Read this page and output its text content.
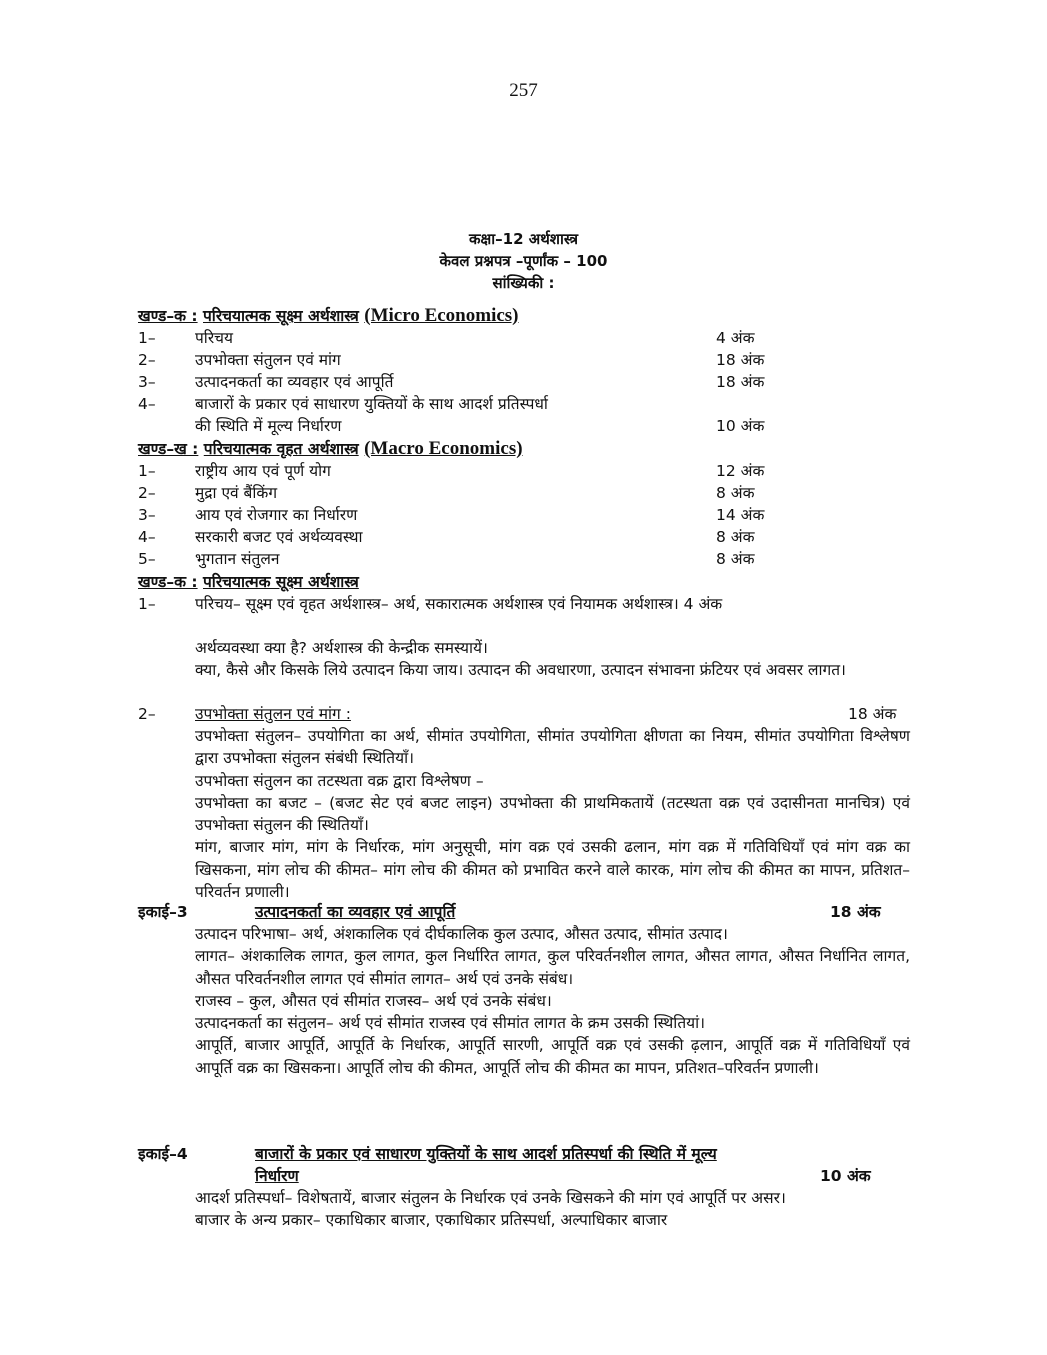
257
कक्षा–12 अर्थशास्त्र
केवल प्रश्नपत्र –पूर्णांक – 100
सांख्यिकी :
खण्ड–क : परिचयात्मक सूक्ष्म अर्थशास्त्र (Micro Economics)
1–	परिचय	4 अंक
2–	उपभोक्ता संतुलन एवं मांग	18 अंक
3–	उत्पादनकर्ता का व्यवहार एवं आपूर्ति	18 अंक
4–	बाजारों के प्रकार एवं साधारण युक्तियों के साथ आदर्श प्रतिस्पर्धा
की स्थिति में मूल्य निर्धारण	10 अंक
खण्ड–ख : परिचयात्मक वृहत अर्थशास्त्र (Macro Economics)
1–	राष्ट्रीय आय एवं पूर्ण योग	12 अंक
2–	मुद्रा एवं बैंकिंग	8 अंक
3–	आय एवं रोजगार का निर्धारण	14 अंक
4–	सरकारी बजट एवं अर्थव्यवस्था	8 अंक
5–	भुगतान संतुलन	8 अंक
खण्ड–क : परिचयात्मक सूक्ष्म अर्थशास्त्र
1–	परिचय– सूक्ष्म एवं वृहत अर्थशास्त्र– अर्थ, सकारात्मक अर्थशास्त्र एवं नियामक अर्थशास्त्र। 4 अंक

अर्थव्यवस्था क्या है? अर्थशास्त्र की केन्द्रीक समस्यायें।

क्या, कैसे और किसके लिये उत्पादन किया जाय। उत्पादन की अवधारणा, उत्पादन संभावना फ्रंटियर एवं अवसर लागत।

2–	उपभोक्ता संतुलन एवं मांग :	18 अंक

उपभोक्ता संतुलन– उपयोगिता का अर्थ, सीमांत उपयोगिता, सीमांत उपयोगिता क्षीणता का नियम, सीमांत उपयोगिता विश्लेषण द्वारा उपभोक्ता संतुलन संबंधी स्थितियाँ।

उपभोक्ता संतुलन का तटस्थता वक्र द्वारा विश्लेषण –

उपभोक्ता का बजट – (बजट सेट एवं बजट लाइन) उपभोक्ता की प्राथमिकतायें (तटस्थता वक्र एवं उदासीनता मानचित्र) एवं उपभोक्ता संतुलन की स्थितियाँ।

मांग, बाजार मांग, मांग के निर्धारक, मांग अनुसूची, मांग वक्र एवं उसकी ढलान, मांग वक्र में गतिविधियाँ एवं मांग वक्र का खिसकना, मांग लोच की कीमत– मांग लोच की कीमत को प्रभावित करने वाले कारक, मांग लोच की कीमत का मापन, प्रतिशत–परिवर्तन प्रणाली।

इकाई–3	उत्पादनकर्ता का व्यवहार एवं आपूर्ति	18 अंक

उत्पादन परिभाषा– अर्थ, अंशकालिक एवं दीर्घकालिक कुल उत्पाद, औसत उत्पाद, सीमांत उत्पाद।

लागत– अंशकालिक लागत, कुल लागत, कुल निर्धारित लागत, कुल परिवर्तनशील लागत, औसत लागत, औसत निर्धानित लागत, औसत परिवर्तनशील लागत एवं सीमांत लागत– अर्थ एवं उनके संबंध।

राजस्व – कुल, औसत एवं सीमांत राजस्व– अर्थ एवं उनके संबंध।

उत्पादनकर्ता का संतुलन– अर्थ एवं सीमांत राजस्व एवं सीमांत लागत के क्रम उसकी स्थितियां।

आपूर्ति, बाजार आपूर्ति, आपूर्ति के निर्धारक, आपूर्ति सारणी, आपूर्ति वक्र एवं उसकी ढ़लान, आपूर्ति वक्र में गतिविधियाँ एवं आपूर्ति वक्र का खिसकना। आपूर्ति लोच की कीमत, आपूर्ति लोच की कीमत का मापन, प्रतिशत–परिवर्तन प्रणाली।

इकाई–4	बाजारों के प्रकार एवं साधारण युक्तियों के साथ आदर्श प्रतिस्पर्धा की स्थिति में मूल्य
निर्धारण	10 अंक

आदर्श प्रतिस्पर्धा– विशेषतायें, बाजार संतुलन के निर्धारक एवं उनके खिसकने की मांग एवं आपूर्ति पर असर।

बाजार के अन्य प्रकार– एकाधिकार बाजार, एकाधिकार प्रतिस्पर्धा, अल्पाधिकार बाजार
